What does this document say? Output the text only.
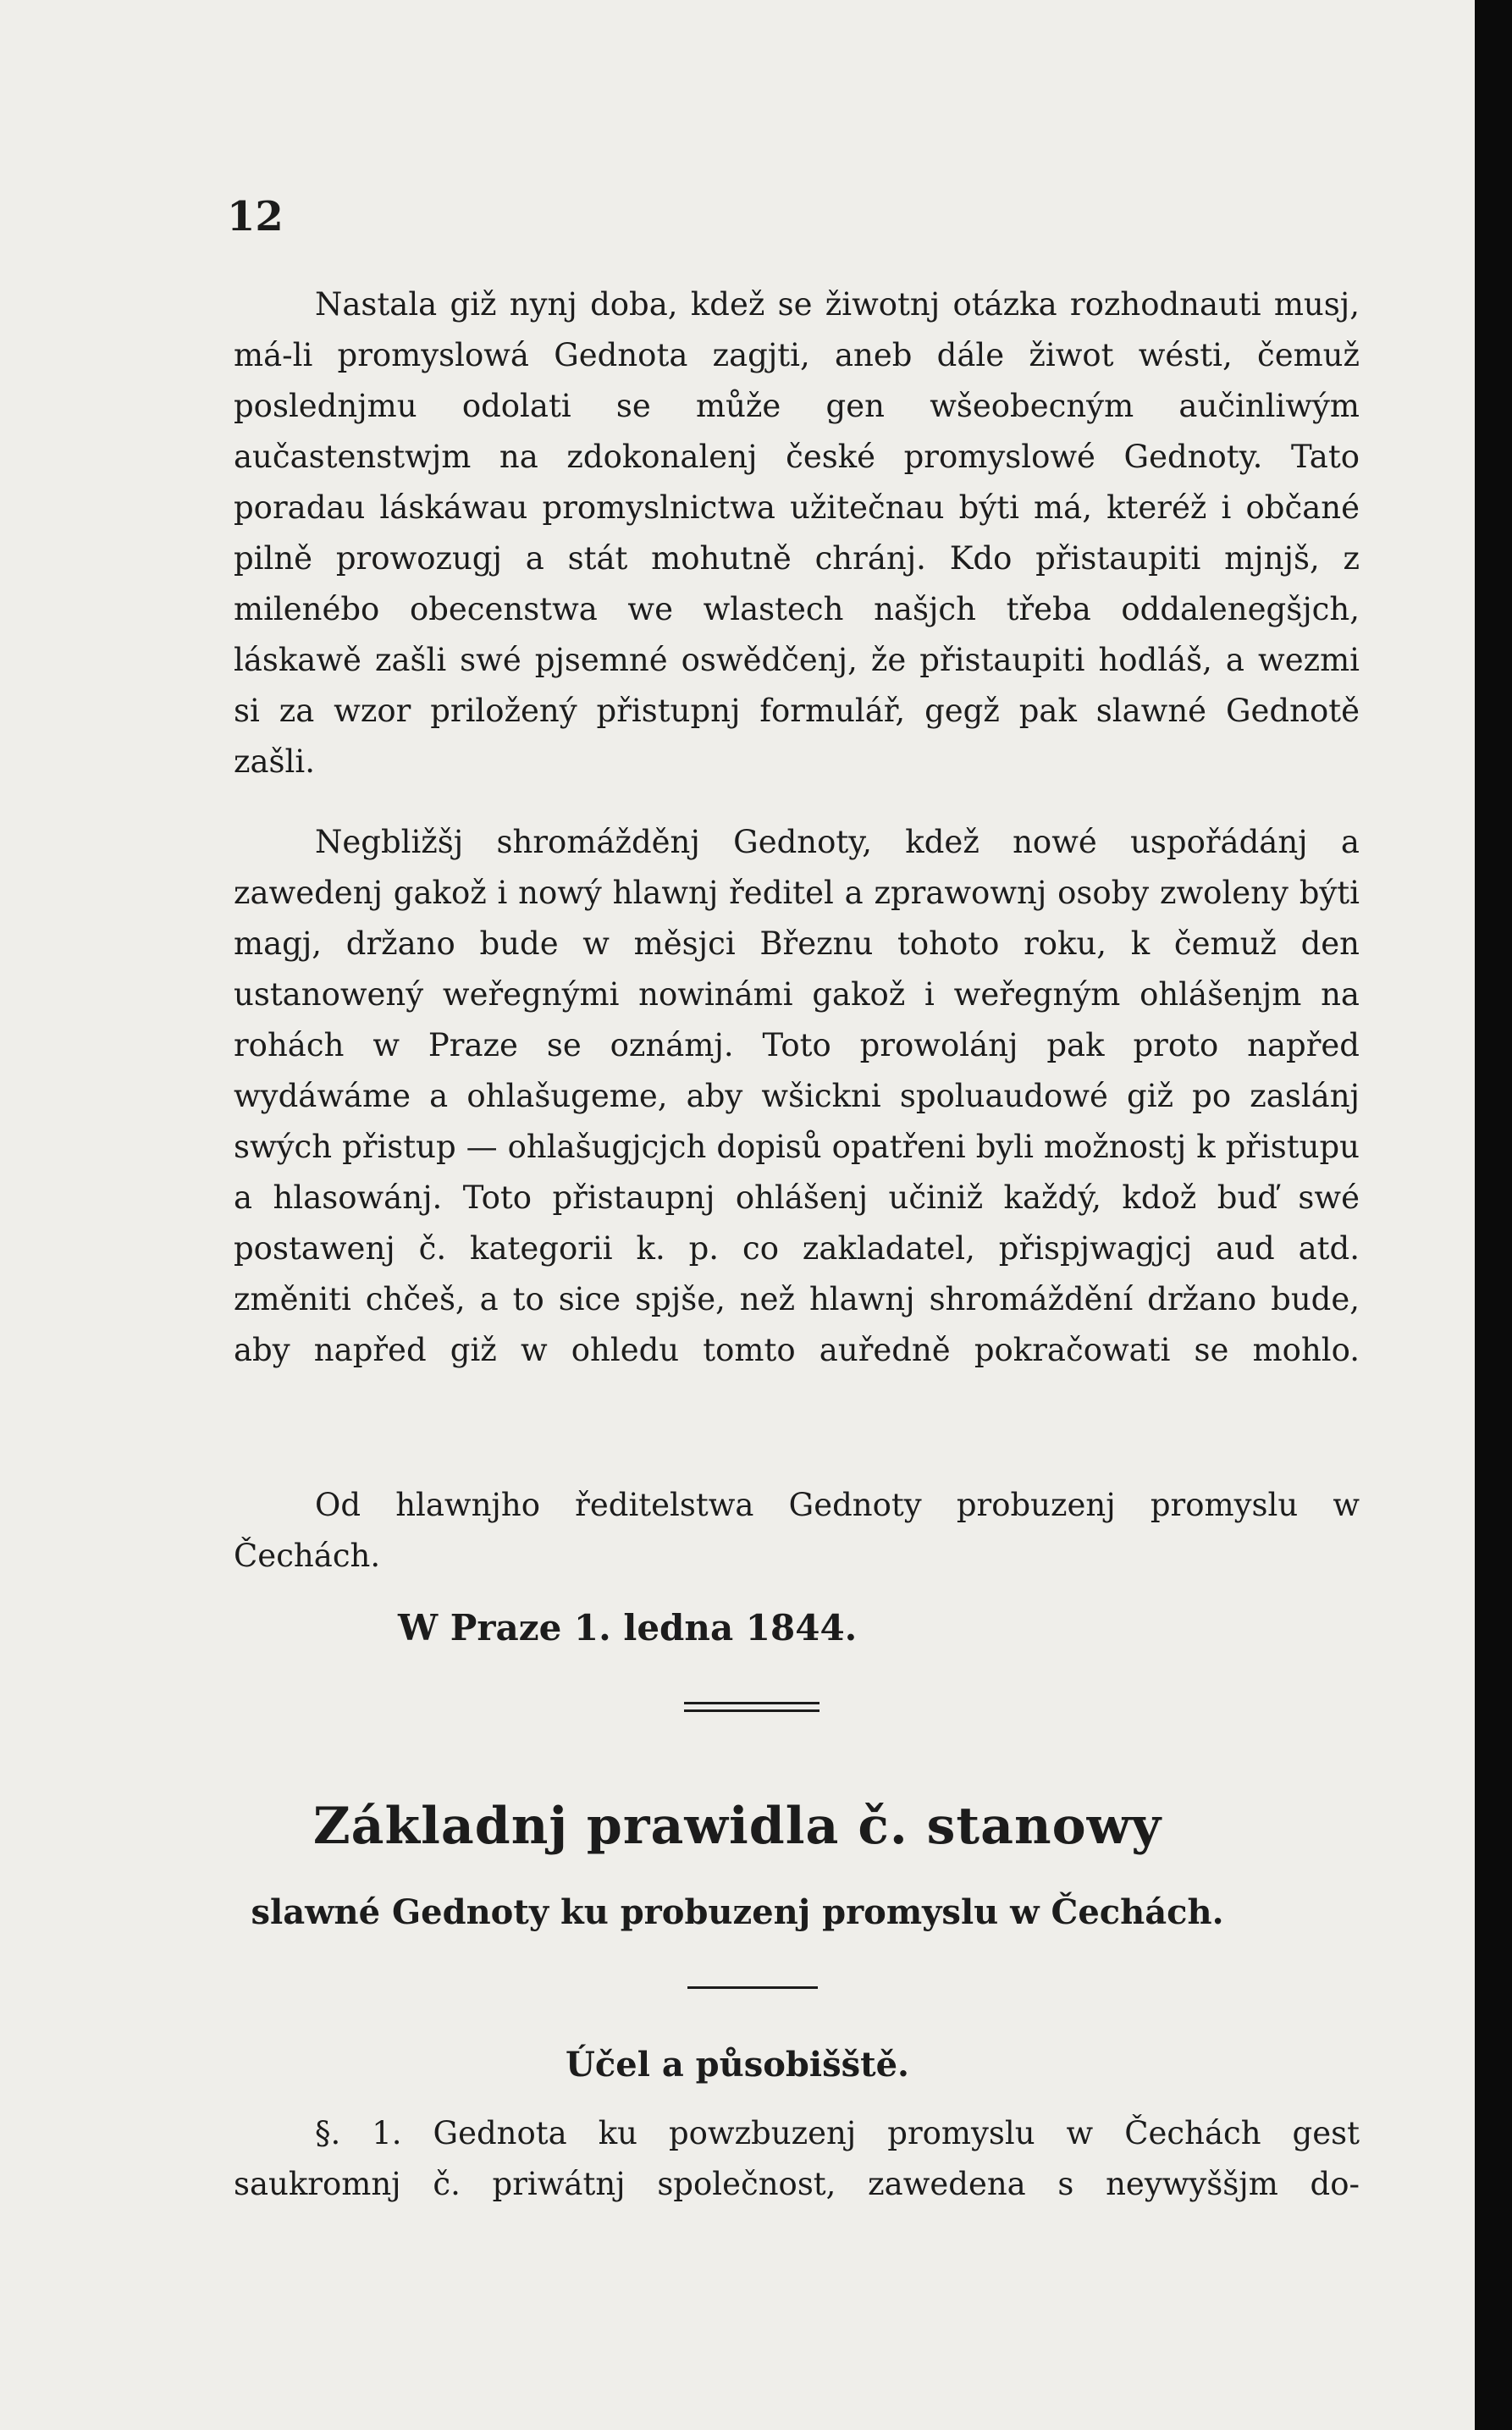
12

Nastala giž nynj doba, kdež se žiwotnj otázka rozhodnauti musj, má-li promyslowá Gednota zagjti, aneb dále žiwot wésti, čemuž poslednjmu odolati se může gen wšeobecným aučinliwým aučastenstwjm na zdokonalenj české promyslowé Gednoty. Tato poradau láskáwau promyslnictwa užitečnau býti má, kteréž i občané pilně prowozugj a stát mohutně chránj. Kdo přistaupiti mjnjš, z milenébo obecenstwa we wlastech našjch třeba oddalenegšjch, láskawě zašli swé pjsemné oswědčenj, že přistaupiti hodláš, a wezmi si za wzor priložený přistupnj formulář, gegž pak slawné Gednotě zašli.

Negbližšj shromážděnj Gednoty, kdež nowé uspořádánj a zawedenj gakož i nowý hlawnj ředitel a zprawownj osoby zwoleny býti magj, držano bude w měsjci Březnu tohoto roku, k čemuž den ustanowený weřegnými nowinámi gakož i weřegným ohlášenjm na rohách w Praze se oznámj. Toto prowolánj pak proto napřed wydáwáme a ohlašugeme, aby wšickni spoluaudowé giž po zaslánj swých přistup — ohlašugjcjch dopisů opatřeni byli možnostj k přistupu a hlasowánj. Toto přistaupnj ohlášenj učiniž každý, kdož buď swé postawenj č. kategorii k. p. co zakladatel, přispjwagjcj aud atd. změniti chčeš, a to sice spjše, než hlawnj shromáždění držano bude, aby napřed giž w ohledu tomto auředně pokračowati se mohlo.

Od hlawnjho ředitelstwa Gednoty probuzenj promyslu w Čechách.

W Praze 1. ledna 1844.
Základnj prawidla č. stanowy
slawné Gednoty ku probuzenj promyslu w Čechách.
Účel a působišště.
§. 1. Gednota ku powzbuzenj promyslu w Čechách gest
saukromnj č. priwátnj společnost, zawedena s neywyššjm do-
